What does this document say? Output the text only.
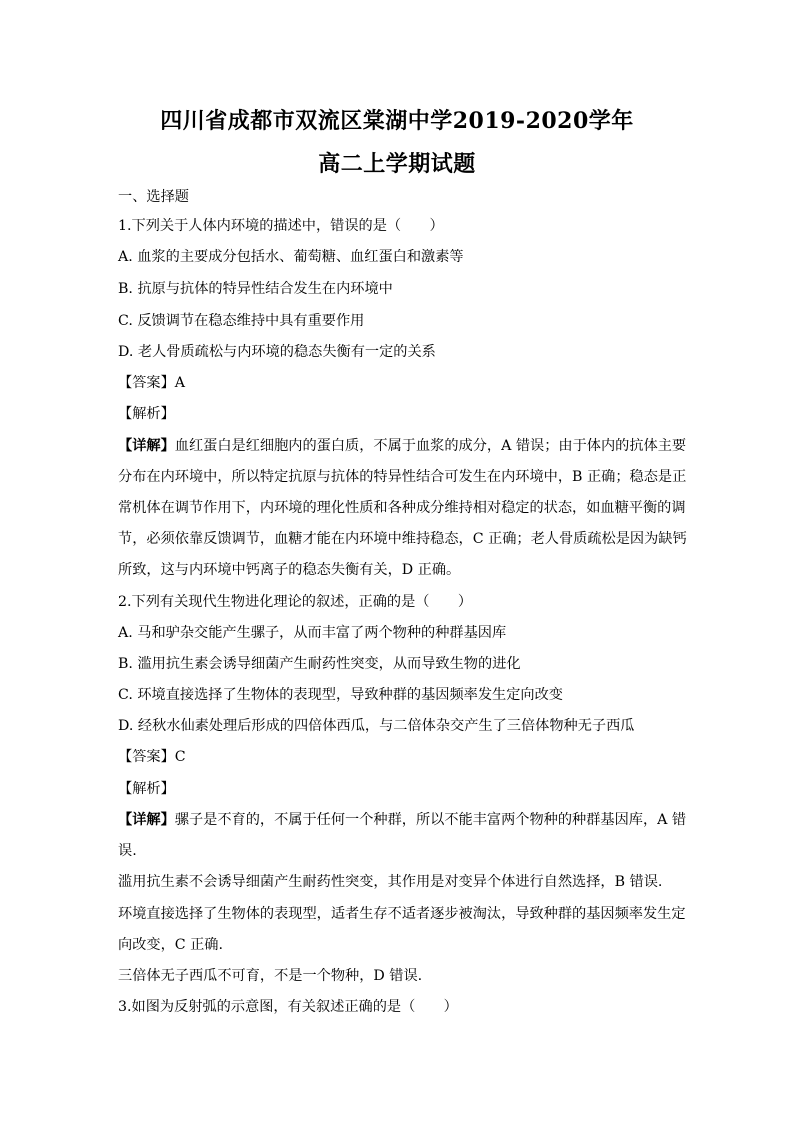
四川省成都市双流区棠湖中学2019-2020学年
高二上学期试题
一、选择题
1.下列关于人体内环境的描述中，错误的是（　　）
A. 血浆的主要成分包括水、葡萄糖、血红蛋白和激素等
B. 抗原与抗体的特异性结合发生在内环境中
C. 反馈调节在稳态维持中具有重要作用
D. 老人骨质疏松与内环境的稳态失衡有一定的关系
【答案】A
【解析】
【详解】血红蛋白是红细胞内的蛋白质，不属于血浆的成分，A 错误；由于体内的抗体主要
分布在内环境中，所以特定抗原与抗体的特异性结合可发生在内环境中，B 正确；稳态是正
常机体在调节作用下，内环境的理化性质和各种成分维持相对稳定的状态，如血糖平衡的调
节，必须依靠反馈调节，血糖才能在内环境中维持稳态，C 正确；老人骨质疏松是因为缺钙
所致，这与内环境中钙离子的稳态失衡有关，D 正确。
2.下列有关现代生物进化理论的叙述，正确的是（　　）
A. 马和驴杂交能产生骡子，从而丰富了两个物种的种群基因库
B. 滥用抗生素会诱导细菌产生耐药性突变，从而导致生物的进化
C. 环境直接选择了生物体的表现型，导致种群的基因频率发生定向改变
D. 经秋水仙素处理后形成的四倍体西瓜，与二倍体杂交产生了三倍体物种无子西瓜
【答案】C
【解析】
【详解】骡子是不育的，不属于任何一个种群，所以不能丰富两个物种的种群基因库，A 错
误.
滥用抗生素不会诱导细菌产生耐药性突变，其作用是对变异个体进行自然选择，B 错误.
环境直接选择了生物体的表现型，适者生存不适者逐步被淘汰，导致种群的基因频率发生定
向改变，C 正确.
三倍体无子西瓜不可育，不是一个物种，D 错误.
3.如图为反射弧的示意图，有关叙述正确的是（　　）
